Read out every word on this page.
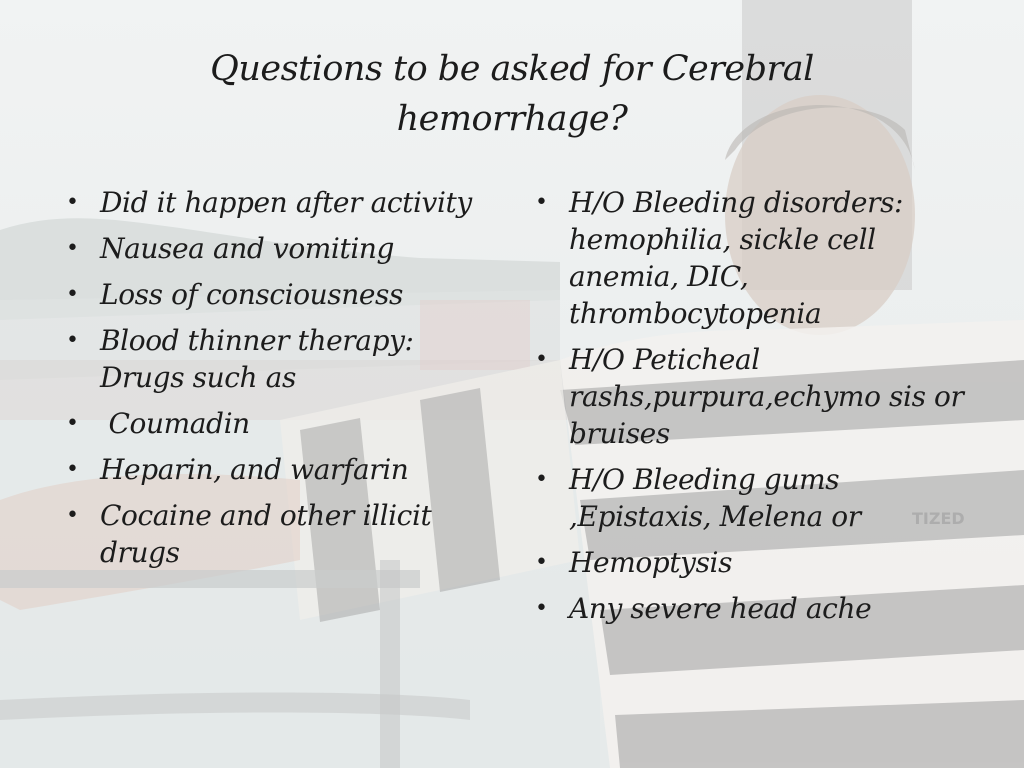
TIZED
Questions to be asked for Cerebral
hemorrhage?
• Did it happen after activity
• Nausea and vomiting
• Loss of consciousness
• Blood thinner therapy: Drugs such as
• Coumadin
• Heparin, and warfarin
• Cocaine and other illicit drugs
• H/O Bleeding disorders: hemophilia, sickle cell anemia, DIC, thrombocytopenia
• H/O Peticheal rashs,purpura,echymo sis or bruises
• H/O Bleeding gums ,Epistaxis, Melena or
• Hemoptysis
• Any severe head ache
